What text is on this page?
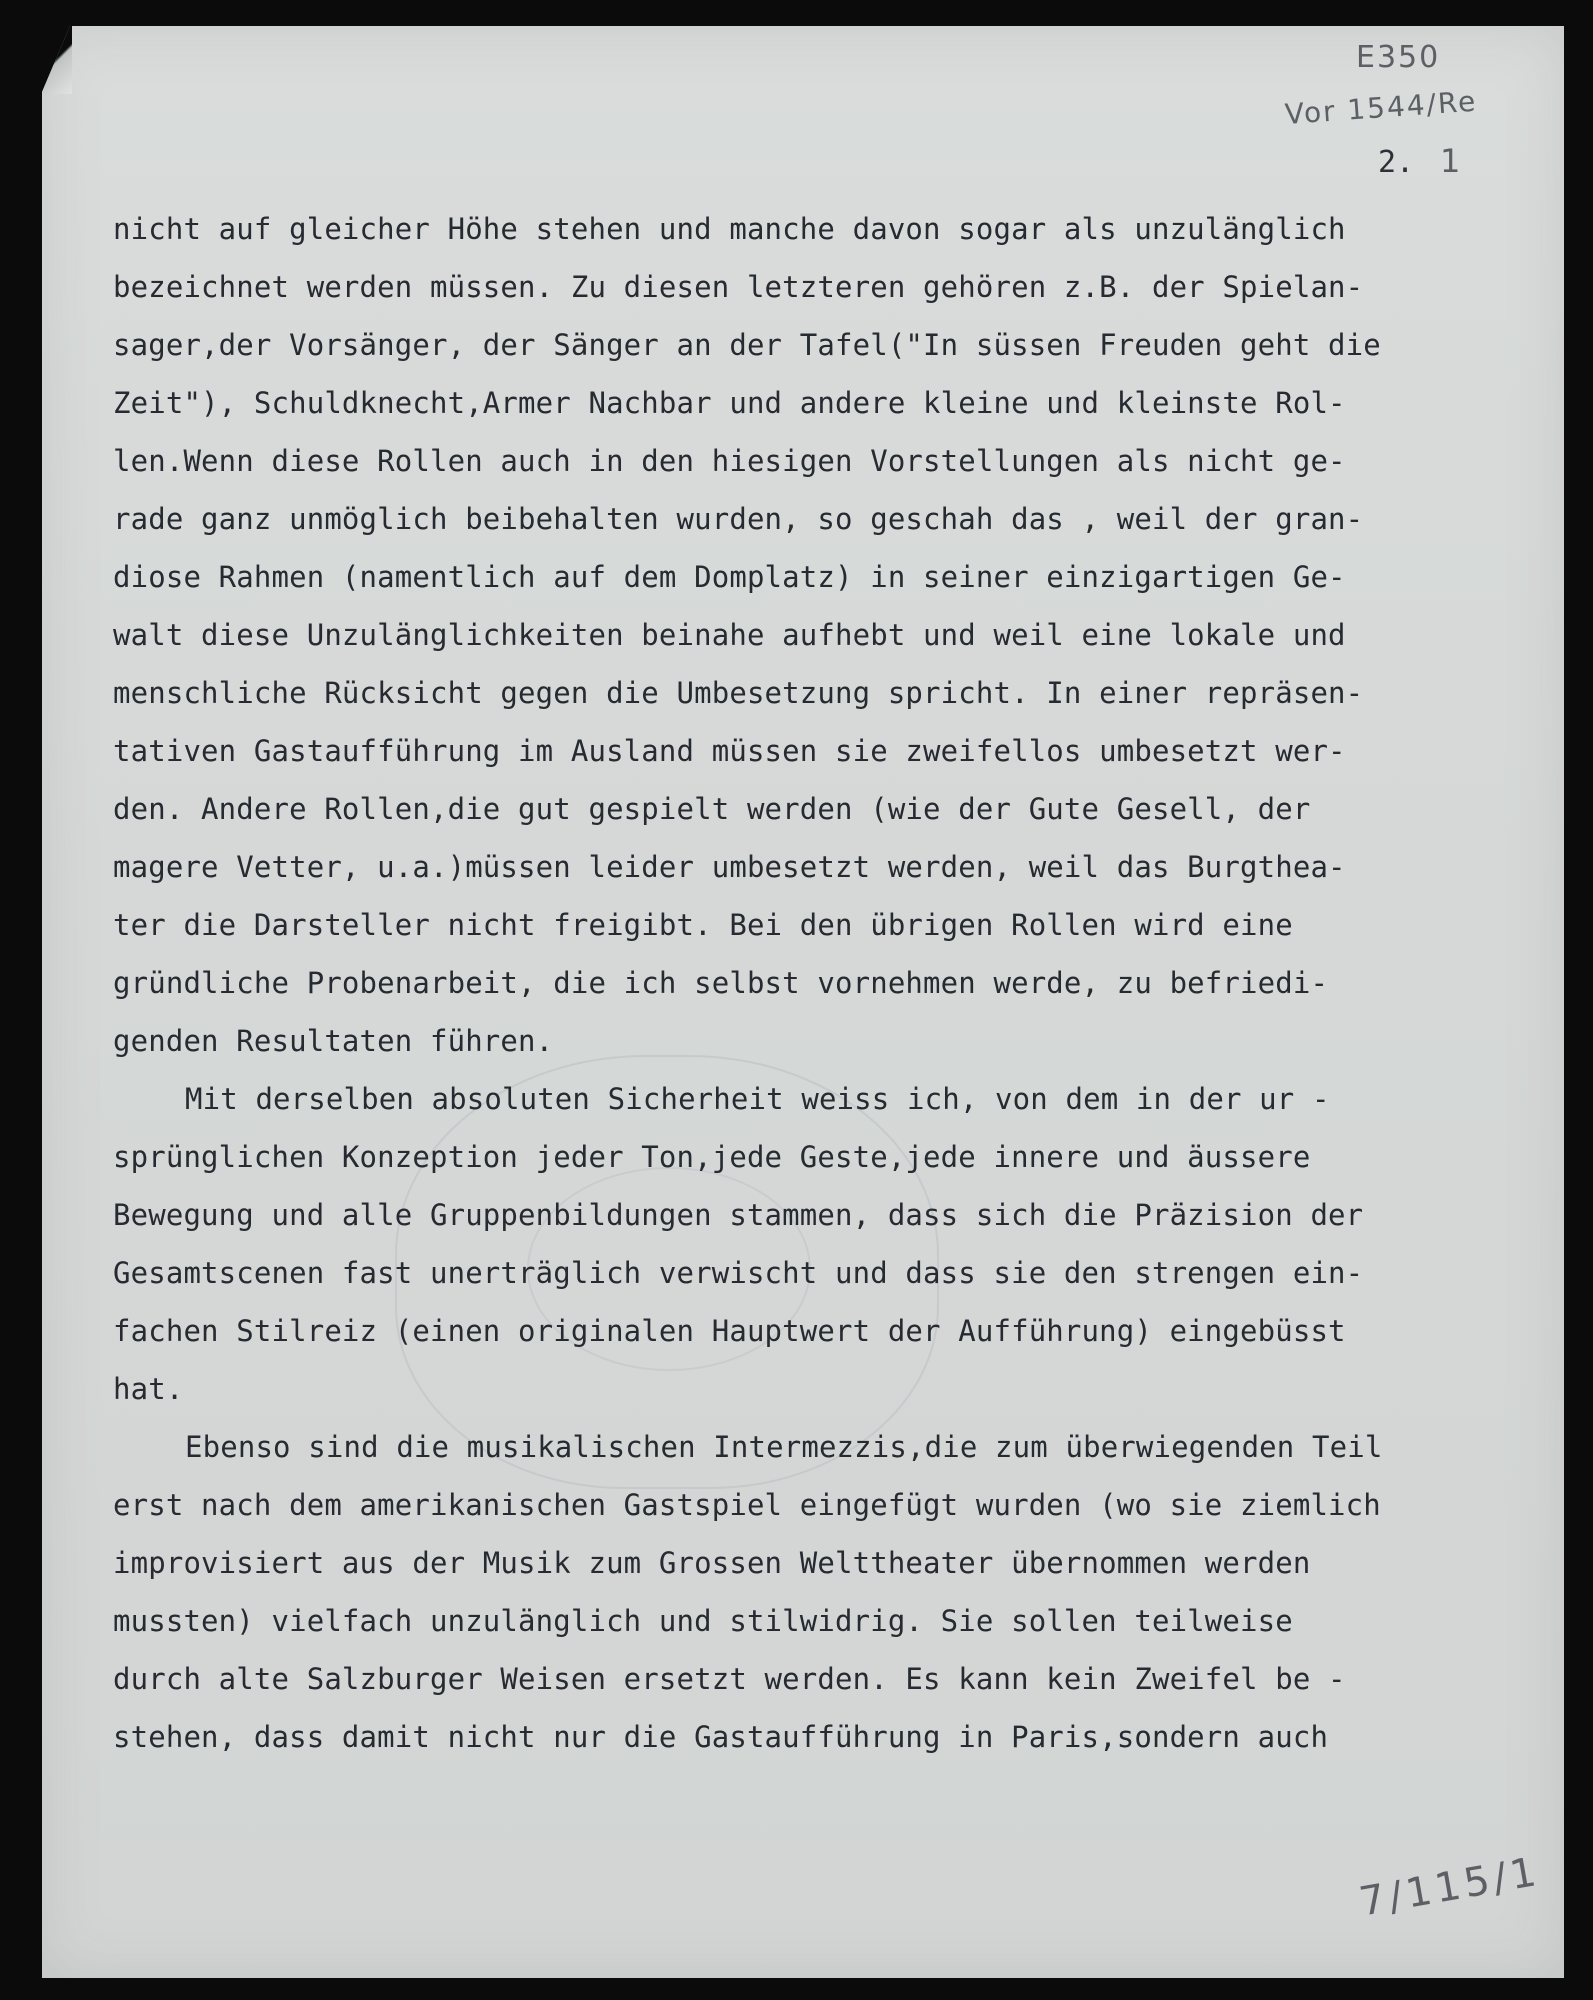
E350
Vor 1544/Re
2. 1
nicht auf gleicher Höhe stehen und manche davon sogar als unzulänglich
bezeichnet werden müssen. Zu diesen letzteren gehören z.B. der Spielan-
sager,der Vorsänger, der Sänger an der Tafel("In süssen Freuden geht die
Zeit"), Schuldknecht,Armer Nachbar und andere kleine und kleinste Rol-
len.Wenn diese Rollen auch in den hiesigen Vorstellungen als nicht ge-
rade ganz unmöglich beibehalten wurden, so geschah das , weil der gran-
diose Rahmen (namentlich auf dem Domplatz) in seiner einzigartigen Ge-
walt diese Unzulänglichkeiten beinahe aufhebt und weil eine lokale und
menschliche Rücksicht gegen die Umbesetzung spricht. In einer repräsen-
tativen Gastaufführung im Ausland müssen sie zweifellos umbesetzt wer-
den. Andere Rollen,die gut gespielt werden (wie der Gute Gesell, der
magere Vetter, u.a.)müssen leider umbesetzt werden, weil das Burgthea-
ter die Darsteller nicht freigibt. Bei den übrigen Rollen wird eine
gründliche Probenarbeit, die ich selbst vornehmen werde, zu befriedi-
genden Resultaten führen.
Mit derselben absoluten Sicherheit weiss ich, von dem in der ur -
sprünglichen Konzeption jeder Ton,jede Geste,jede innere und äussere
Bewegung und alle Gruppenbildungen stammen, dass sich die Präzision der
Gesamtscenen fast unerträglich verwischt und dass sie den strengen ein-
fachen Stilreiz (einen originalen Hauptwert der Aufführung) eingebüsst
hat.
Ebenso sind die musikalischen Intermezzis,die zum überwiegenden Teil
erst nach dem amerikanischen Gastspiel eingefügt wurden (wo sie ziemlich
improvisiert aus der Musik zum Grossen Welttheater übernommen werden
mussten) vielfach unzulänglich und stilwidrig. Sie sollen teilweise
durch alte Salzburger Weisen ersetzt werden. Es kann kein Zweifel be -
stehen, dass damit nicht nur die Gastaufführung in Paris,sondern auch
7/115/1
